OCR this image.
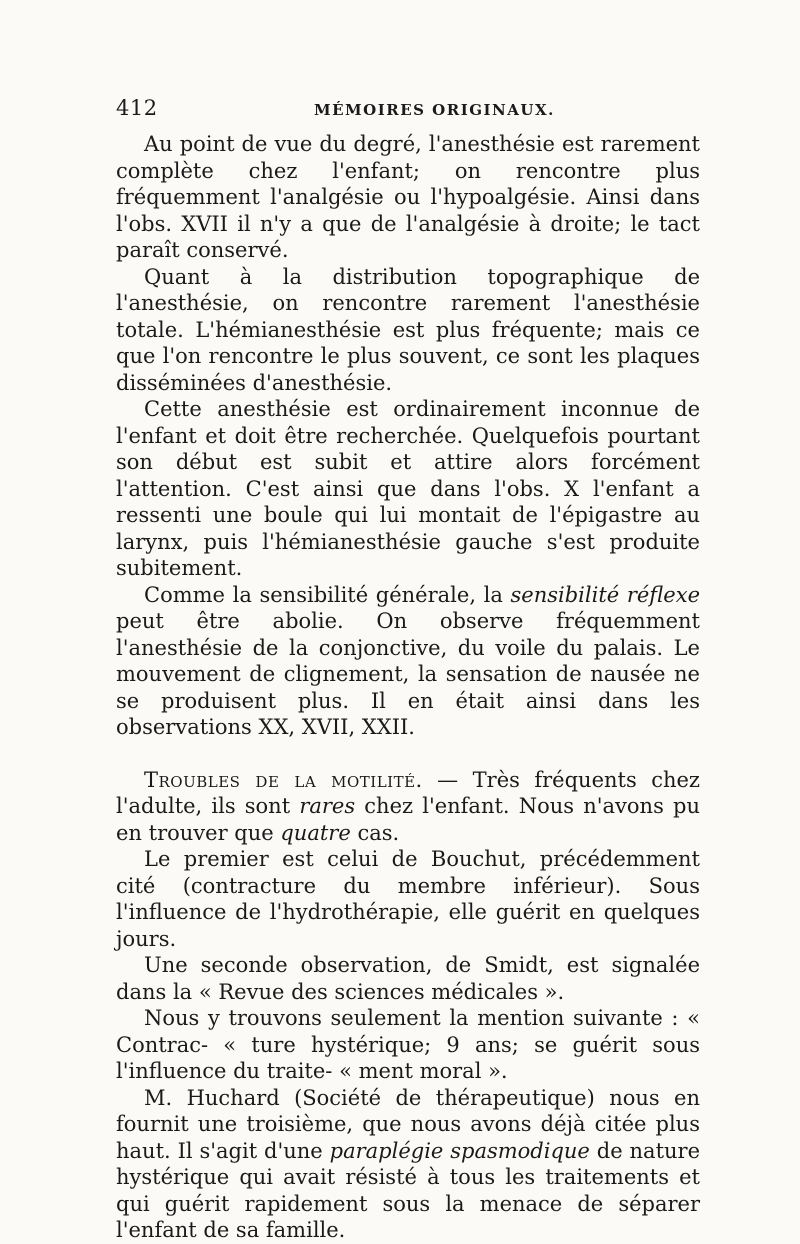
412	MÉMOIRES ORIGINAUX.

Au point de vue du degré, l'anesthésie est rarement complète chez l'enfant; on rencontre plus fréquemment l'analgésie ou l'hypoalgésie. Ainsi dans l'obs. XVII il n'y a que de l'analgésie à droite; le tact paraît conservé.

Quant à la distribution topographique de l'anesthésie, on rencontre rarement l'anesthésie totale. L'hémianesthésie est plus fréquente; mais ce que l'on rencontre le plus souvent, ce sont les plaques disséminées d'anesthésie.

Cette anesthésie est ordinairement inconnue de l'enfant et doit être recherchée. Quelquefois pourtant son début est subit et attire alors forcément l'attention. C'est ainsi que dans l'obs. X l'enfant a ressenti une boule qui lui montait de l'épigastre au larynx, puis l'hémianesthésie gauche s'est produite subitement.

Comme la sensibilité générale, la sensibilité réflexe peut être abolie. On observe fréquemment l'anesthésie de la conjonctive, du voile du palais. Le mouvement de clignement, la sensation de nausée ne se produisent plus. Il en était ainsi dans les observations XX, XVII, XXII.

Troubles de la motilité. — Très fréquents chez l'adulte, ils sont rares chez l'enfant. Nous n'avons pu en trouver que quatre cas.

Le premier est celui de Bouchut, précédemment cité (contracture du membre inférieur). Sous l'influence de l'hydrothérapie, elle guérit en quelques jours.

Une seconde observation, de Smidt, est signalée dans la « Revue des sciences médicales ».

Nous y trouvons seulement la mention suivante : « Contrac- « ture hystérique; 9 ans; se guérit sous l'influence du traite- « ment moral ».

M. Huchard (Société de thérapeutique) nous en fournit une troisième, que nous avons déjà citée plus haut. Il s'agit d'une paraplégie spasmodique de nature hystérique qui avait résisté à tous les traitements et qui guérit rapidement sous la menace de séparer l'enfant de sa famille.
